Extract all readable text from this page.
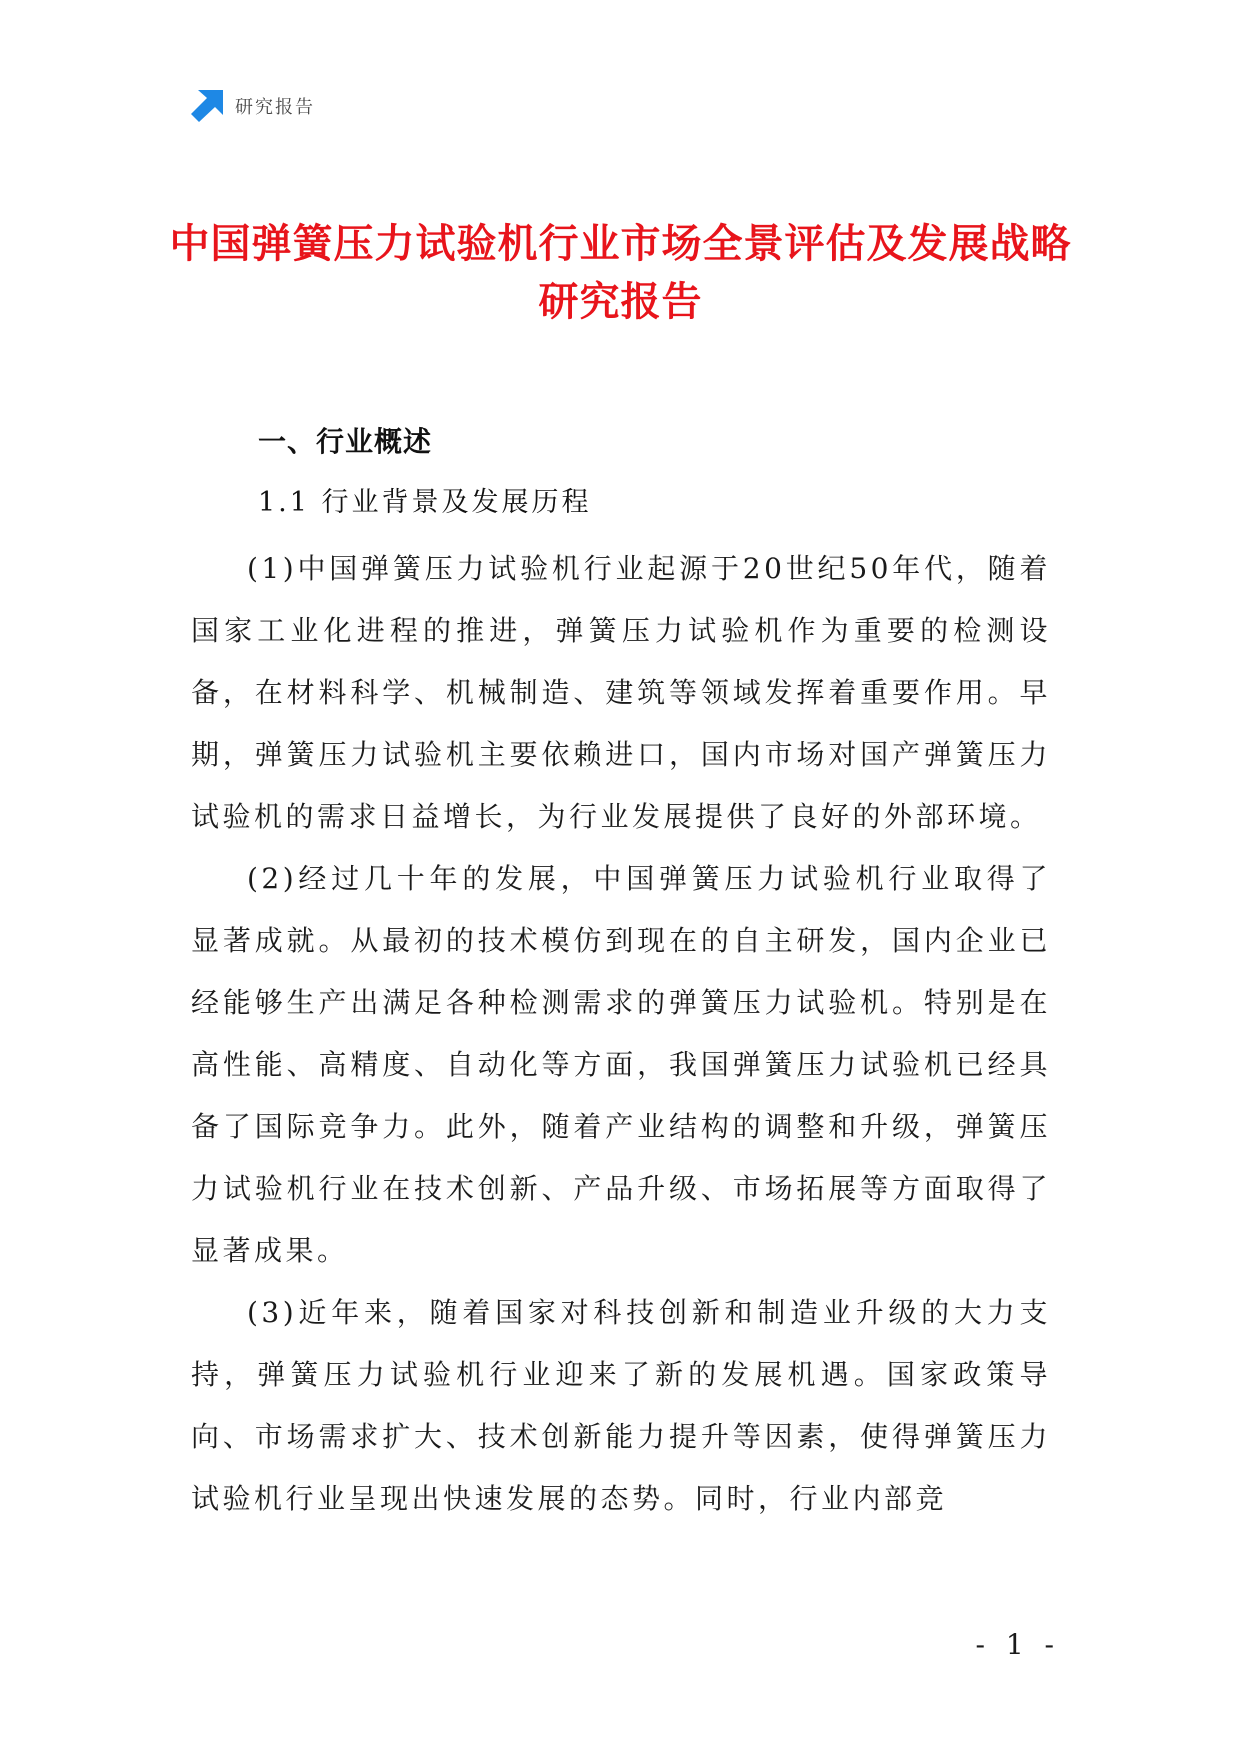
研究报告
中国弹簧压力试验机行业市场全景评估及发展战略研究报告
一、行业概述
1.1 行业背景及发展历程

(1)中国弹簧压力试验机行业起源于20世纪50年代，随着国家工业化进程的推进，弹簧压力试验机作为重要的检测设备，在材料科学、机械制造、建筑等领域发挥着重要作用。早期，弹簧压力试验机主要依赖进口，国内市场对国产弹簧压力试验机的需求日益增长，为行业发展提供了良好的外部环境。

(2)经过几十年的发展，中国弹簧压力试验机行业取得了显著成就。从最初的技术模仿到现在的自主研发，国内企业已经能够生产出满足各种检测需求的弹簧压力试验机。特别是在高性能、高精度、自动化等方面，我国弹簧压力试验机已经具备了国际竞争力。此外，随着产业结构的调整和升级，弹簧压力试验机行业在技术创新、产品升级、市场拓展等方面取得了显著成果。

(3)近年来，随着国家对科技创新和制造业升级的大力支持，弹簧压力试验机行业迎来了新的发展机遇。国家政策导向、市场需求扩大、技术创新能力提升等因素，使得弹簧压力试验机行业呈现出快速发展的态势。同时，行业内部竞

- 1 -
